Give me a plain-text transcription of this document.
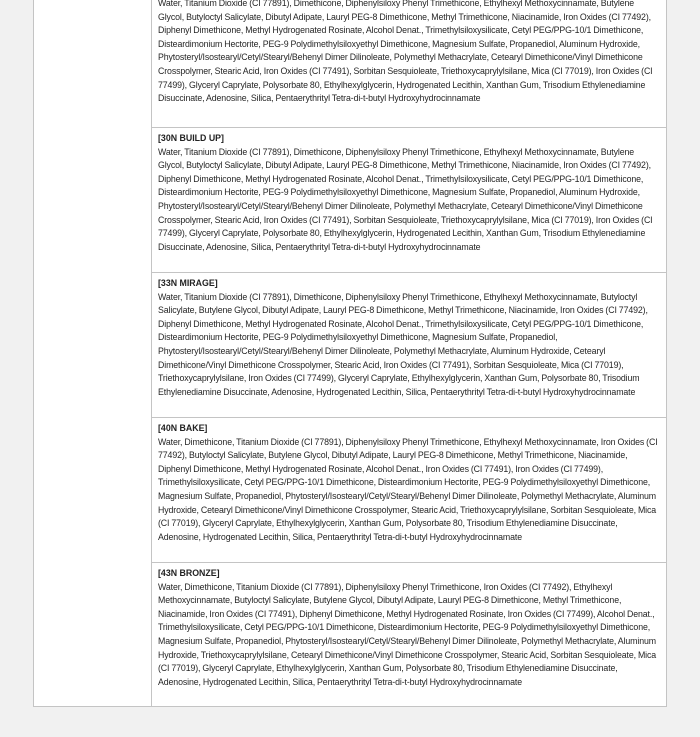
Water, Titanium Dioxide (CI 77891), Dimethicone, Diphenylsiloxy Phenyl Trimethicone, Ethylhexyl Methoxycinnamate, Butylene Glycol, Butyloctyl Salicylate, Dibutyl Adipate, Lauryl PEG-8 Dimethicone, Methyl Trimethicone, Niacinamide, Iron Oxides (CI 77492), Diphenyl Dimethicone, Methyl Hydrogenated Rosinate, Alcohol Denat., Trimethylsiloxysilicate, Cetyl PEG/PPG-10/1 Dimethicone, Disteardimonium Hectorite, PEG-9 Polydimethylsiloxyethyl Dimethicone, Magnesium Sulfate, Propanediol, Aluminum Hydroxide, Phytosteryl/Isostearyl/Cetyl/Stearyl/Behenyl Dimer Dilinoleate, Polymethyl Methacrylate, Cetearyl Dimethicone/Vinyl Dimethicone Crosspolymer, Stearic Acid, Iron Oxides (CI 77491), Sorbitan Sesquioleate, Triethoxycaprylylsilane, Mica (CI 77019), Iron Oxides (CI 77499), Glyceryl Caprylate, Polysorbate 80, Ethylhexylglycerin, Hydrogenated Lecithin, Xanthan Gum, Trisodium Ethylenediamine Disuccinate, Adenosine, Silica, Pentaerythrityl Tetra-di-t-butyl Hydroxyhydrocinnamate
[30N BUILD UP]
Water, Titanium Dioxide (CI 77891), Dimethicone, Diphenylsiloxy Phenyl Trimethicone, Ethylhexyl Methoxycinnamate, Butylene Glycol, Butyloctyl Salicylate, Dibutyl Adipate, Lauryl PEG-8 Dimethicone, Methyl Trimethicone, Niacinamide, Iron Oxides (CI 77492), Diphenyl Dimethicone, Methyl Hydrogenated Rosinate, Alcohol Denat., Trimethylsiloxysilicate, Cetyl PEG/PPG-10/1 Dimethicone, Disteardimonium Hectorite, PEG-9 Polydimethylsiloxyethyl Dimethicone, Magnesium Sulfate, Propanediol, Aluminum Hydroxide, Phytosteryl/Isostearyl/Cetyl/Stearyl/Behenyl Dimer Dilinoleate, Polymethyl Methacrylate, Cetearyl Dimethicone/Vinyl Dimethicone Crosspolymer, Stearic Acid, Iron Oxides (CI 77491), Sorbitan Sesquioleate, Triethoxycaprylylsilane, Mica (CI 77019), Iron Oxides (CI 77499), Glyceryl Caprylate, Polysorbate 80, Ethylhexylglycerin, Hydrogenated Lecithin, Xanthan Gum, Trisodium Ethylenediamine Disuccinate, Adenosine, Silica, Pentaerythrityl Tetra-di-t-butyl Hydroxyhydrocinnamate
[33N MIRAGE]
Water, Titanium Dioxide (CI 77891), Dimethicone, Diphenylsiloxy Phenyl Trimethicone, Ethylhexyl Methoxycinnamate, Butyloctyl Salicylate, Butylene Glycol, Dibutyl Adipate, Lauryl PEG-8 Dimethicone, Methyl Trimethicone, Niacinamide, Iron Oxides (CI 77492), Diphenyl Dimethicone, Methyl Hydrogenated Rosinate, Alcohol Denat., Trimethylsiloxysilicate, Cetyl PEG/PPG-10/1 Dimethicone, Disteardimonium Hectorite, PEG-9 Polydimethylsiloxyethyl Dimethicone, Magnesium Sulfate, Propanediol, Phytosteryl/Isostearyl/Cetyl/Stearyl/Behenyl Dimer Dilinoleate, Polymethyl Methacrylate, Aluminum Hydroxide, Cetearyl Dimethicone/Vinyl Dimethicone Crosspolymer, Stearic Acid, Iron Oxides (CI 77491), Sorbitan Sesquioleate, Mica (CI 77019), Triethoxycaprylylsilane, Iron Oxides (CI 77499), Glyceryl Caprylate, Ethylhexylglycerin, Xanthan Gum, Polysorbate 80, Trisodium Ethylenediamine Disuccinate, Adenosine, Hydrogenated Lecithin, Silica, Pentaerythrityl Tetra-di-t-butyl Hydroxyhydrocinnamate
[40N BAKE]
Water, Dimethicone, Titanium Dioxide (CI 77891), Diphenylsiloxy Phenyl Trimethicone, Ethylhexyl Methoxycinnamate, Iron Oxides (CI 77492), Butyloctyl Salicylate, Butylene Glycol, Dibutyl Adipate, Lauryl PEG-8 Dimethicone, Methyl Trimethicone, Niacinamide, Diphenyl Dimethicone, Methyl Hydrogenated Rosinate, Alcohol Denat., Iron Oxides (CI 77491), Iron Oxides (CI 77499), Trimethylsiloxysilicate, Cetyl PEG/PPG-10/1 Dimethicone, Disteardimonium Hectorite, PEG-9 Polydimethylsiloxyethyl Dimethicone, Magnesium Sulfate, Propanediol, Phytosteryl/Isostearyl/Cetyl/Stearyl/Behenyl Dimer Dilinoleate, Polymethyl Methacrylate, Aluminum Hydroxide, Cetearyl Dimethicone/Vinyl Dimethicone Crosspolymer, Stearic Acid, Triethoxycaprylylsilane, Sorbitan Sesquioleate, Mica (CI 77019), Glyceryl Caprylate, Ethylhexylglycerin, Xanthan Gum, Polysorbate 80, Trisodium Ethylenediamine Disuccinate, Adenosine, Hydrogenated Lecithin, Silica, Pentaerythrityl Tetra-di-t-butyl Hydroxyhydrocinnamate
[43N BRONZE]
Water, Dimethicone, Titanium Dioxide (CI 77891), Diphenylsiloxy Phenyl Trimethicone, Iron Oxides (CI 77492), Ethylhexyl Methoxycinnamate, Butyloctyl Salicylate, Butylene Glycol, Dibutyl Adipate, Lauryl PEG-8 Dimethicone, Methyl Trimethicone, Niacinamide, Iron Oxides (CI 77491), Diphenyl Dimethicone, Methyl Hydrogenated Rosinate, Iron Oxides (CI 77499), Alcohol Denat., Trimethylsiloxysilicate, Cetyl PEG/PPG-10/1 Dimethicone, Disteardimonium Hectorite, PEG-9 Polydimethylsiloxyethyl Dimethicone, Magnesium Sulfate, Propanediol, Phytosteryl/Isostearyl/Cetyl/Stearyl/Behenyl Dimer Dilinoleate, Polymethyl Methacrylate, Aluminum Hydroxide, Triethoxycaprylylsilane, Cetearyl Dimethicone/Vinyl Dimethicone Crosspolymer, Stearic Acid, Sorbitan Sesquioleate, Mica (CI 77019), Glyceryl Caprylate, Ethylhexylglycerin, Xanthan Gum, Polysorbate 80, Trisodium Ethylenediamine Disuccinate, Adenosine, Hydrogenated Lecithin, Silica, Pentaerythrityl Tetra-di-t-butyl Hydroxyhydrocinnamate
